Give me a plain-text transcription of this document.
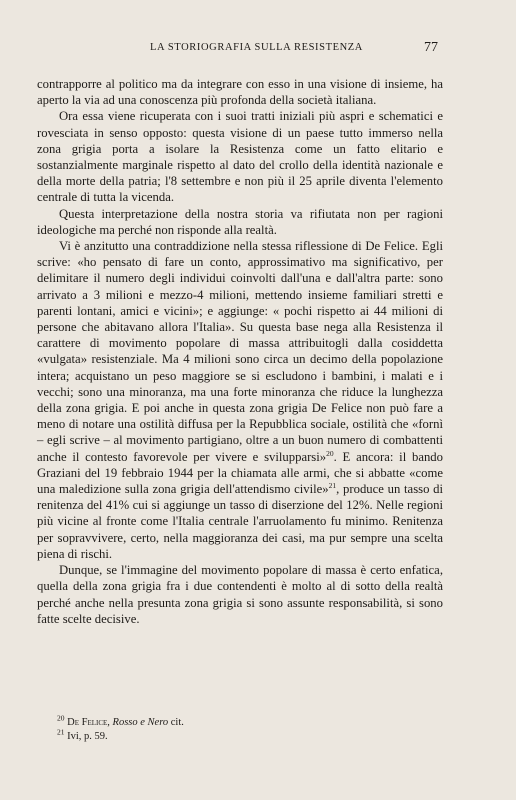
LA STORIOGRAFIA SULLA RESISTENZA	77

contrapporre al politico ma da integrare con esso in una visione di insieme, ha aperto la via ad una conoscenza più profonda della società italiana.

Ora essa viene ricuperata con i suoi tratti iniziali più aspri e schematici e rovesciata in senso opposto: questa visione di un paese tutto immerso nella zona grigia porta a isolare la Resistenza come un fatto elitario e sostanzialmente marginale rispetto al dato del crollo della identità nazionale e della morte della patria; l'8 settembre e non più il 25 aprile diventa l'elemento centrale di tutta la vicenda.

Questa interpretazione della nostra storia va rifiutata non per ragioni ideologiche ma perché non risponde alla realtà.

Vi è anzitutto una contraddizione nella stessa riflessione di De Felice. Egli scrive: «ho pensato di fare un conto, approssimativo ma significativo, per delimitare il numero degli individui coinvolti dall'una e dall'altra parte: sono arrivato a 3 milioni e mezzo-4 milioni, mettendo insieme familiari stretti e parenti lontani, amici e vicini»; e aggiunge: « pochi rispetto ai 44 milioni di persone che abitavano allora l'Italia». Su questa base nega alla Resistenza il carattere di movimento popolare di massa attribuitogli dalla cosiddetta «vulgata» resistenziale. Ma 4 milioni sono circa un decimo della popolazione intera; acquistano un peso maggiore se si escludono i bambini, i malati e i vecchi; sono una minoranza, ma una forte minoranza che riduce la lunghezza della zona grigia. E poi anche in questa zona grigia De Felice non può fare a meno di notare una ostilità diffusa per la Repubblica sociale, ostilità che «fornì – egli scrive – al movimento partigiano, oltre a un buon numero di combattenti anche il contesto favorevole per vivere e svilupparsi»$^{20}$. E ancora: il bando Graziani del 19 febbraio 1944 per la chiamata alle armi, che si abbatte «come una maledizione sulla zona grigia dell'attendismo civile»$^{21}$, produce un tasso di renitenza del 41% cui si aggiunge un tasso di diserzione del 12%. Nelle regioni più vicine al fronte come l'Italia centrale l'arruolamento fu minimo. Renitenza per sopravvivere, certo, nella maggioranza dei casi, ma pur sempre una scelta piena di rischi.

Dunque, se l'immagine del movimento popolare di massa è certo enfatica, quella della zona grigia fra i due contendenti è molto al di sotto della realtà perché anche nella presunta zona grigia si sono assunte responsabilità, si sono fatte scelte decisive.

$^{20}$ De Felice, Rosso e Nero cit.

$^{21}$ Ivi, p. 59.
